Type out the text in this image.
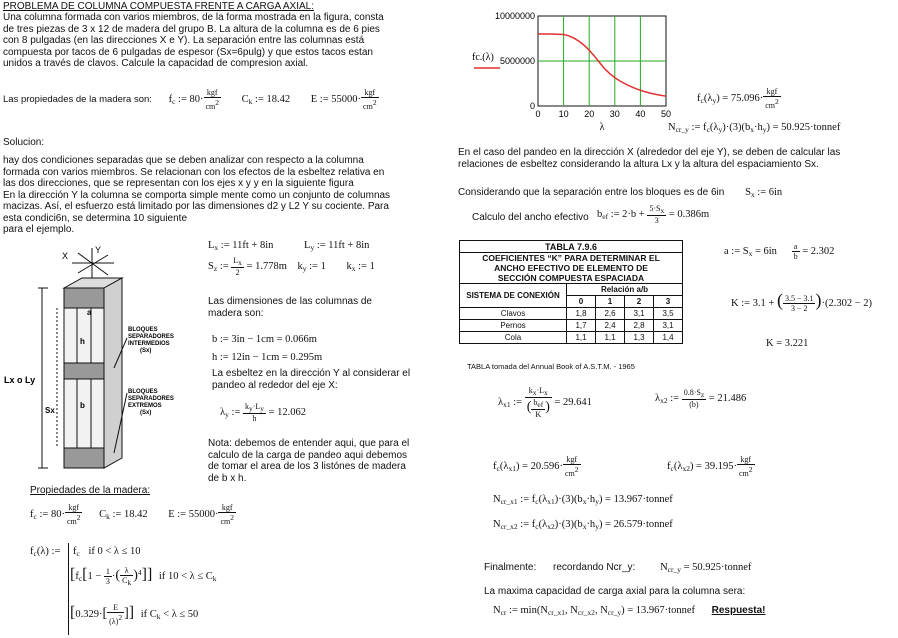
PROBLEMA DE COLUMNA COMPUESTA FRENTE A CARGA AXIAL:
Una columna formada con varios miembros, de la forma mostrada en la figura, consta
de tres piezas de 3 x 12 de madera del grupo B. La altura de la columna es de 6 pies
con 8 pulgadas (en las direcciones X e Y). La separación entre las columnas está
compuesta por tacos de 6 pulgadas de espesor (Sx=6pulg) y que estos tacos estan
unidos a través de clavos. Calcule la capacidad de compresion axial.
Las propiedades de la madera son: $f_c$ := $80\cdot \frac{\text{kgf}}{cm^2} C_k$ := 18.42 E := $55000\cdot \frac{\text{kgf}}{cm^2}$
Solucion:
hay dos condiciones separadas que se deben analizar con respecto a la columna
formada con varios miembros. Se relacionan con los efectos de la esbeltez relativa en
las dos direcciones, que se representan con los ejes x y y en la siguiente figura
En la dirección Y la columna se comporta simple mente como un conjunto de columnas
macizas. Así, el esfuerzo está limitado por las dimensiones d2 y L2 Y su cociente. Para
esta condici6n, se determina 10 siguiente
para el ejemplo.
X
Y
Lx o Ly
Sx
a
h
b
BLOQUES
SEPARADORES
INTERMEDIOS
(Sx)
BLOQUES
SEPARADORES
EXTREMOS
(Sx)
$L_x$ := 11ft + 8in	$L_y$ := 11ft + 8in
$S_z$ := $\frac{Lx}{2} = 1.778m$ $k_y$ := 1 $k_x$ := 1
Las dimensiones de las columnas de
madera son:
b := 3in − 1cm = 0.066m
h := 12in − 1cm = 0.295m
La esbeltez en la dirección Y al considerar el
pandeo al rededor del eje X:
$\lambda_y$ := $\frac{ky\cdot Ly}{h} = 12.062$
Nota: debemos de entender aqui, que para el
calculo de la carga de pandeo aqui debemos
de tomar el area de los 3 listónes de madera
de b x h.
Propiedades de la madera:
$f_c$ := $80\cdot \frac{\text{kgf}}{cm^2} C_k$ := 18.42 E := $55000\cdot \frac{\text{kgf}}{cm^2}$
$f_c(\lambda)$ := $f_c$ if 0 < λ ≤ 10
[$f_c[1 - \frac{1}{3}$ ·( $\frac{\lambda}{Ck} )^4$]] if $10 < \lambda \le C_k$
[$0.329\cdot[ \frac{E}{(\lambda)^2}$ ]] if $C_k < \lambda \le 50$
0 10 20 30 40 50
0
5000000
10000000
fc.(λ)
λ
$f_c(\lambda_y) = 75.096\cdot \frac{\text{kgf}}{cm^2}$
$N_{cr\_y}$ := $f_c(\lambda_y)\cdot(3)(b_x\cdot h_y)$ = 50.925·tonnef
En el caso del pandeo en la dirección X (alrededor del eje Y), se deben de calcular las
relaciones de esbeltez considerando la altura Lx y la altura del espaciamiento Sx.
Considerando que la separación entre los bloques es de 6in $S_x$ := 6in
Calculo del ancho efectivo $b_{ef}$ := $2\cdot b + \frac{5\cdot Sx}{3} = 0.386m$
TABLA 7.9.6				

COEFICIENTES “K” PARA DETERMINAR EL
ANCHO EFECTIVO DE ELEMENTO DE
SECCIÓN COMPUESTA ESPACIADA				

SISTEMA DE CONEXIÓN	Relación a/b			
	0	1	2	3
Clavos	1,8	2,6	3,1	3,5
Pernos	1,7	2,4	2,8	3,1
Cola	1,1	1,1	1,3	1,4
TABLA tomada del Annual Book of A.S.T.M. - 1965
a := $S_x = 6in \frac{a}{b} = 2.302$
K := 3.1 + ( $\frac{3.5 - 3.1}{3 - 2} )\cdot(2.302 - 2)$
K = 3.221
$\lambda_{x1}$ := $\frac{kx\cdot Lx}{( \frac{\text{bef}}{K} )} = 29.641$	$\lambda_{x2}$ := $\frac{0.8\cdot Sz}{(b)} = 21.486$
$f_c(\lambda_{x1}) = 20.596\cdot \frac{\text{kgf}}{cm^2}$	$f_c(\lambda_{x2}) = 39.195\cdot \frac{\text{kgf}}{cm^2}$
$N_{cr\_x1}$ := $f_c(\lambda_{x1})\cdot(3)(b_x\cdot h_y)$ = 13.967·tonnef
$N_{cr\_x2}$ := $f_c(\lambda_{x2})\cdot(3)(b_x\cdot h_y)$ = 26.579·tonnef
Finalmente: recordando Ncr_y: $N_{cr\_y}$ = 50.925·tonnef
La maxima capacidad de carga axial para la columna sera:
$N_{cr}$ := $\min(N_{cr\_x1}$, $N_{cr\_x2}$, $N_{cr\_y}$) = 13.967·tonnef Respuesta!
